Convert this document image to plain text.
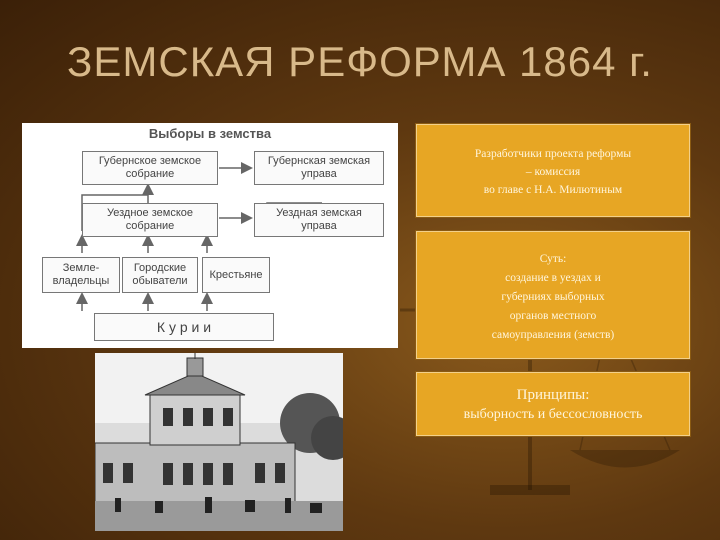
ЗЕМСКАЯ РЕФОРМА 1864 г.
Выборы в земства
Губернское земское
собрание
Губернская земская
управа
Уездное земское
собрание
Уездная земская
управа
Земле-
владельцы
Городские
обыватели
Крестьяне
К у р и и
Разработчики проекта реформы
– комиссия
во главе с Н.А. Милютиным
Суть:
создание в уездах и
губерниях выборных
органов местного
самоуправления (земств)
Принципы:
выборность и бессословность
